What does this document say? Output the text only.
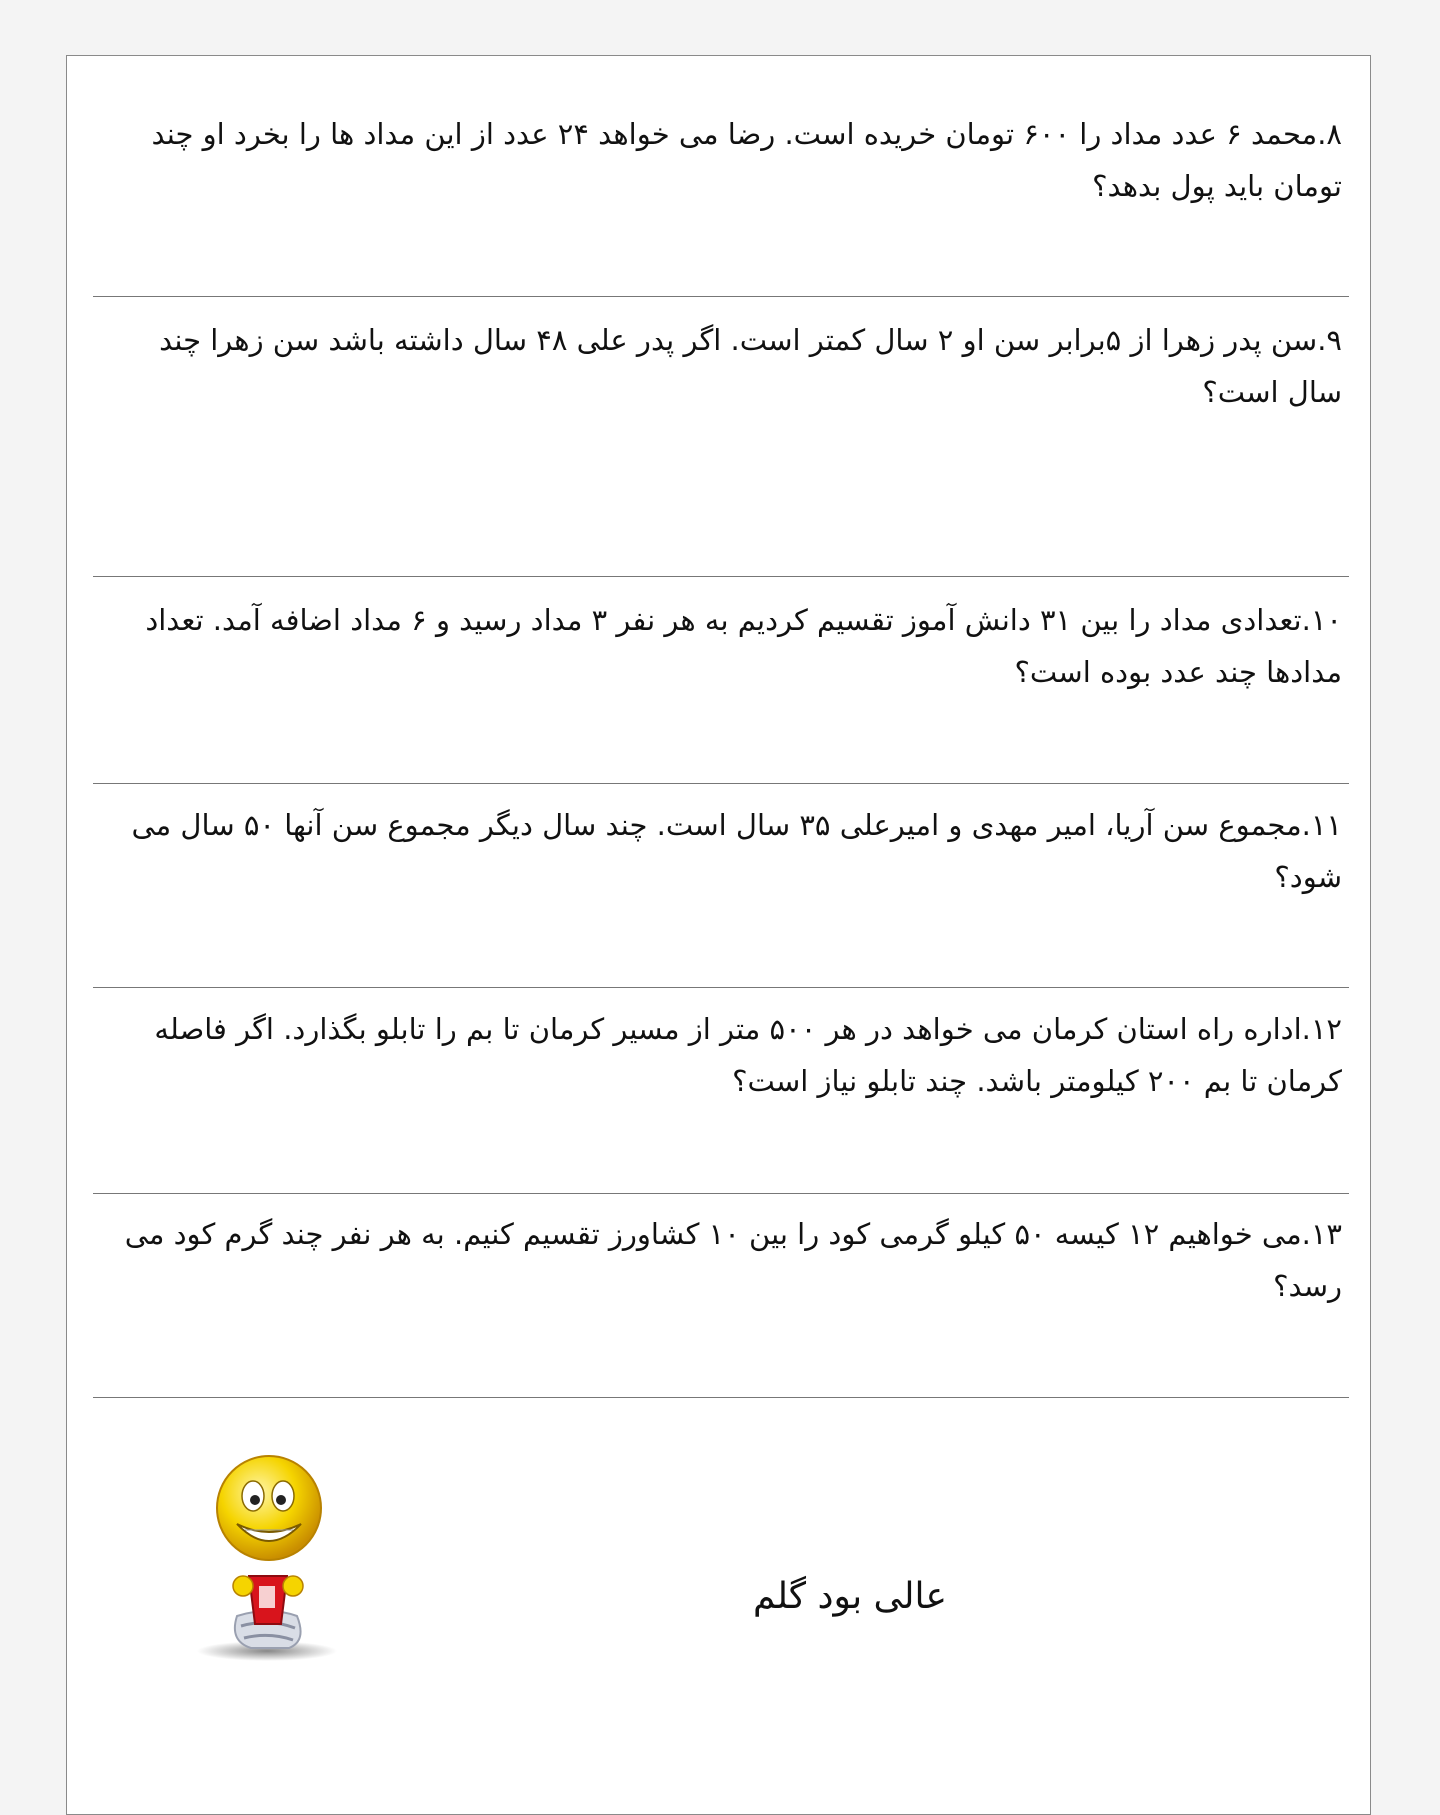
۸.محمد ۶ عدد مداد را ۶۰۰ تومان خریده است. رضا می خواهد ۲۴ عدد از این مداد ها را بخرد او چند تومان باید پول بدهد؟
۹.سن پدر زهرا از ۵برابر سن او ۲ سال کمتر است. اگر پدر علی ۴۸ سال داشته باشد سن زهرا چند سال است؟
۱۰.تعدادی مداد را بین ۳۱ دانش آموز تقسیم کردیم به هر نفر ۳ مداد رسید و ۶ مداد اضافه آمد. تعداد مدادها چند عدد بوده است؟
۱۱.مجموع سن آریا، امیر مهدی و امیرعلی ۳۵ سال است. چند سال دیگر مجموع سن آنها ۵۰ سال می شود؟
۱۲.اداره راه استان کرمان می خواهد در هر ۵۰۰ متر از مسیر کرمان تا بم را تابلو بگذارد. اگر فاصله کرمان تا بم ۲۰۰ کیلومتر باشد. چند تابلو نیاز است؟
۱۳.می خواهیم ۱۲ کیسه ۵۰ کیلو گرمی کود را بین ۱۰ کشاورز تقسیم کنیم. به هر نفر چند گرم کود می رسد؟
عالی بود گلم
